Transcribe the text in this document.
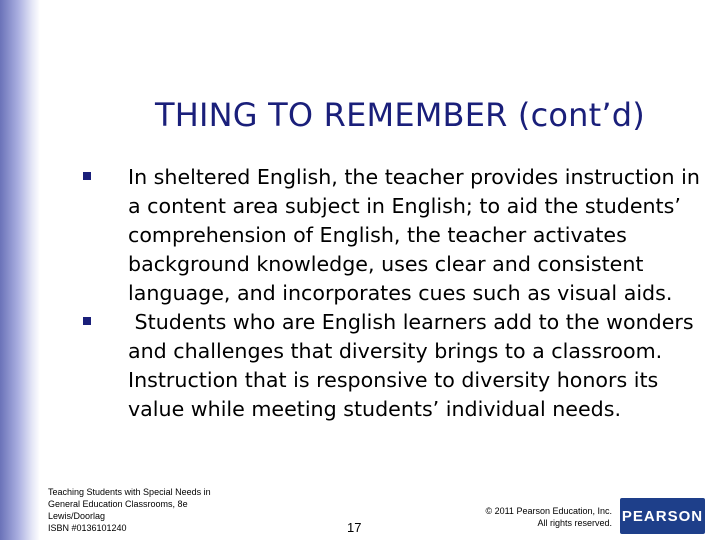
THING TO REMEMBER (cont’d)
In sheltered English, the teacher provides instruction in a content area subject in English; to aid the students’ comprehension of English, the teacher activates background knowledge, uses clear and consistent language, and incorporates cues such as visual aids.
Students who are English learners add to the wonders and challenges that diversity brings to a classroom.  Instruction that is responsive to diversity honors its value while meeting students’ individual needs.
Teaching Students with Special Needs in
General Education Classrooms, 8e
Lewis/Doorlag
ISBN #0136101240	17
© 2011 Pearson Education, Inc.
All rights reserved. PEARSON
